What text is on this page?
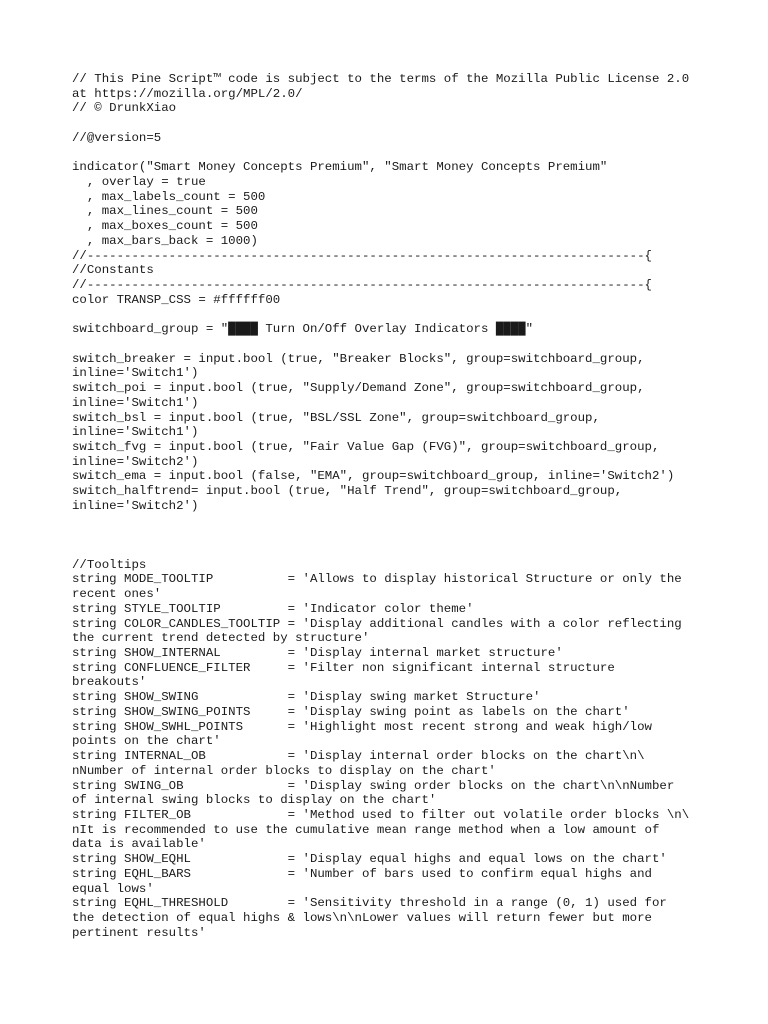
// This Pine Script™ code is subject to the terms of the Mozilla Public License 2.0
at https://mozilla.org/MPL/2.0/
// © DrunkXiao
//@version=5
indicator("Smart Money Concepts Premium", "Smart Money Concepts Premium"
, overlay = true
, max_labels_count = 500
, max_lines_count = 500
, max_boxes_count = 500
, max_bars_back = 1000)
//---------------------------------------------------------------------------{
//Constants
//---------------------------------------------------------------------------{
color TRANSP_CSS = #ffffff00
switchboard_group = "████ Turn On/Off Overlay Indicators ████"
switch_breaker = input.bool (true, "Breaker Blocks", group=switchboard_group,
inline='Switch1')
switch_poi = input.bool (true, "Supply/Demand Zone", group=switchboard_group,
inline='Switch1')
switch_bsl = input.bool (true, "BSL/SSL Zone", group=switchboard_group,
inline='Switch1')
switch_fvg = input.bool (true, "Fair Value Gap (FVG)", group=switchboard_group,
inline='Switch2')
switch_ema = input.bool (false, "EMA", group=switchboard_group, inline='Switch2')
switch_halftrend= input.bool (true, "Half Trend", group=switchboard_group,
inline='Switch2')
//Tooltips
string MODE_TOOLTIP          = 'Allows to display historical Structure or only the
recent ones'
string STYLE_TOOLTIP         = 'Indicator color theme'
string COLOR_CANDLES_TOOLTIP = 'Display additional candles with a color reflecting
the current trend detected by structure'
string SHOW_INTERNAL         = 'Display internal market structure'
string CONFLUENCE_FILTER     = 'Filter non significant internal structure
breakouts'
string SHOW_SWING            = 'Display swing market Structure'
string SHOW_SWING_POINTS     = 'Display swing point as labels on the chart'
string SHOW_SWHL_POINTS      = 'Highlight most recent strong and weak high/low
points on the chart'
string INTERNAL_OB           = 'Display internal order blocks on the chart\n\
nNumber of internal order blocks to display on the chart'
string SWING_OB              = 'Display swing order blocks on the chart\n\nNumber
of internal swing blocks to display on the chart'
string FILTER_OB             = 'Method used to filter out volatile order blocks \n\
nIt is recommended to use the cumulative mean range method when a low amount of
data is available'
string SHOW_EQHL             = 'Display equal highs and equal lows on the chart'
string EQHL_BARS             = 'Number of bars used to confirm equal highs and
equal lows'
string EQHL_THRESHOLD        = 'Sensitivity threshold in a range (0, 1) used for
the detection of equal highs & lows\n\nLower values will return fewer but more
pertinent results'
